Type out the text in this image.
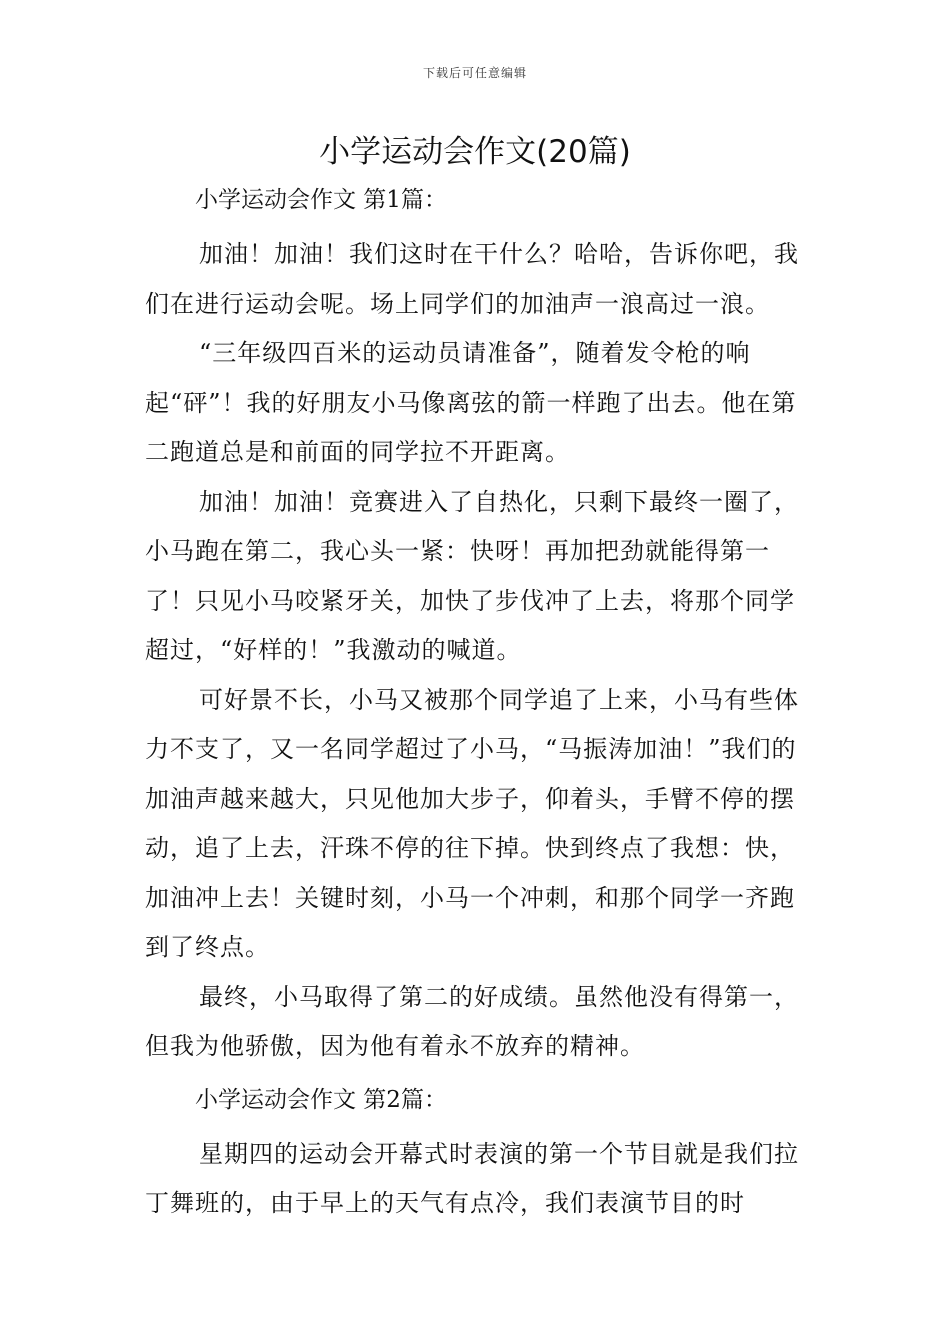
下载后可任意编辑
小学运动会作文(20篇)
小学运动会作文 第1篇：

加油！加油！我们这时在干什么？哈哈，告诉你吧，我们在进行运动会呢。场上同学们的加油声一浪高过一浪。

“三年级四百米的运动员请准备”，随着发令枪的响起“砰”！我的好朋友小马像离弦的箭一样跑了出去。他在第二跑道总是和前面的同学拉不开距离。

加油！加油！竞赛进入了自热化，只剩下最终一圈了，小马跑在第二，我心头一紧：快呀！再加把劲就能得第一了！只见小马咬紧牙关，加快了步伐冲了上去，将那个同学超过，“好样的！”我激动的喊道。

可好景不长，小马又被那个同学追了上来，小马有些体力不支了，又一名同学超过了小马，“马振涛加油！”我们的加油声越来越大，只见他加大步子，仰着头，手臂不停的摆动，追了上去，汗珠不停的往下掉。快到终点了我想：快，加油冲上去！关键时刻，小马一个冲刺，和那个同学一齐跑到了终点。

最终，小马取得了第二的好成绩。虽然他没有得第一，但我为他骄傲，因为他有着永不放弃的精神。

小学运动会作文 第2篇：

星期四的运动会开幕式时表演的第一个节目就是我们拉丁舞班的，由于早上的天气有点冷，我们表演节目的时
